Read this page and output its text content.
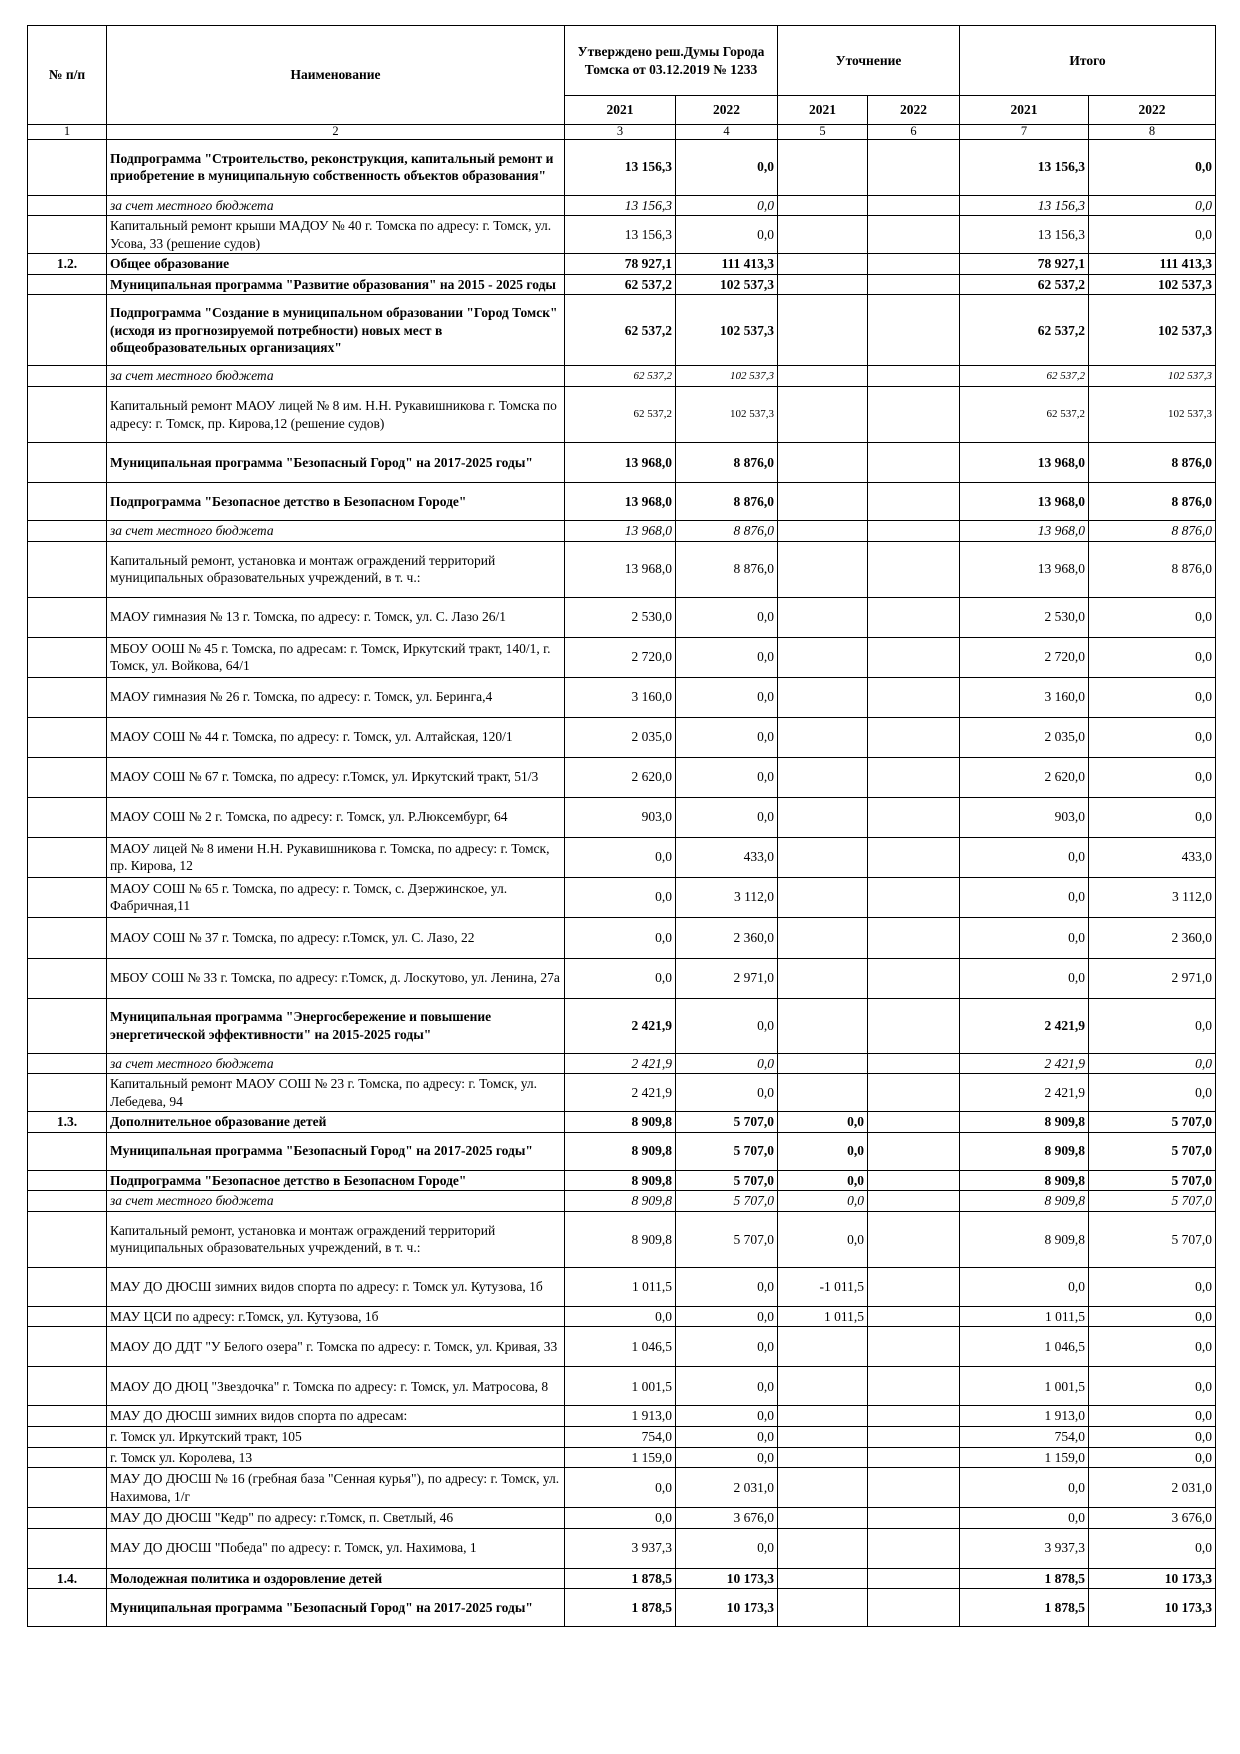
№ п/п	Наименование	Утверждено реш.Думы Города Томска от 03.12.2019 № 1233		Уточнение		Итого	
		2021	2022	2021	2022	2021	2022
1	2	3	4	5	6	7	8
	Подпрограмма "Строительство, реконструкция, капитальный ремонт и приобретение в муниципальную собственность объектов образования"	13 156,3	0,0			13 156,3	0,0
	за счет местного бюджета	13 156,3	0,0			13 156,3	0,0
	Капитальный ремонт крыши МАДОУ № 40 г. Томска по адресу: г. Томск, ул. Усова, 33 (решение судов)	13 156,3	0,0			13 156,3	0,0
1.2.	Общее образование	78 927,1	111 413,3			78 927,1	111 413,3
	Муниципальная программа "Развитие образования" на 2015 - 2025 годы	62 537,2	102 537,3			62 537,2	102 537,3
	Подпрограмма "Создание в муниципальном образовании "Город Томск" (исходя из прогнозируемой потребности) новых мест в общеобразовательных организациях"	62 537,2	102 537,3			62 537,2	102 537,3
	за счет местного бюджета	62 537,2	102 537,3			62 537,2	102 537,3
	Капитальный ремонт МАОУ лицей № 8 им. Н.Н. Рукавишникова г. Томска по адресу: г. Томск, пр. Кирова,12 (решение судов)	62 537,2	102 537,3			62 537,2	102 537,3
	Муниципальная программа "Безопасный Город" на 2017-2025 годы"	13 968,0	8 876,0			13 968,0	8 876,0
	Подпрограмма "Безопасное детство в Безопасном Городе"	13 968,0	8 876,0			13 968,0	8 876,0
	за счет местного бюджета	13 968,0	8 876,0			13 968,0	8 876,0
	Капитальный ремонт, установка и монтаж ограждений территорий муниципальных образовательных учреждений, в т. ч.:	13 968,0	8 876,0			13 968,0	8 876,0
	МАОУ гимназия № 13 г. Томска, по адресу: г. Томск, ул. С. Лазо 26/1	2 530,0	0,0			2 530,0	0,0
	МБОУ ООШ № 45 г. Томска, по адресам: г. Томск, Иркутский тракт, 140/1, г. Томск, ул. Войкова, 64/1	2 720,0	0,0			2 720,0	0,0
	МАОУ гимназия № 26 г. Томска, по адресу: г. Томск, ул. Беринга,4	3 160,0	0,0			3 160,0	0,0
	МАОУ СОШ № 44 г. Томска, по адресу: г. Томск, ул. Алтайская, 120/1	2 035,0	0,0			2 035,0	0,0
	МАОУ СОШ № 67 г. Томска, по адресу: г.Томск, ул. Иркутский тракт, 51/3	2 620,0	0,0			2 620,0	0,0
	МАОУ СОШ № 2 г. Томска, по адресу: г. Томск, ул. Р.Люксембург, 64	903,0	0,0			903,0	0,0
	МАОУ лицей № 8 имени Н.Н. Рукавишникова г. Томска, по адресу: г. Томск, пр. Кирова, 12	0,0	433,0			0,0	433,0
	МАОУ СОШ № 65 г. Томска, по адресу: г. Томск, с. Дзержинское, ул. Фабричная,11	0,0	3 112,0			0,0	3 112,0
	МАОУ СОШ № 37 г. Томска, по адресу: г.Томск, ул. С. Лазо, 22	0,0	2 360,0			0,0	2 360,0
	МБОУ СОШ № 33 г. Томска, по адресу: г.Томск, д. Лоскутово, ул. Ленина, 27а	0,0	2 971,0			0,0	2 971,0
	Муниципальная программа "Энергосбережение и повышение энергетической эффективности" на 2015-2025 годы"	2 421,9	0,0			2 421,9	0,0
	за счет местного бюджета	2 421,9	0,0			2 421,9	0,0
	Капитальный ремонт МАОУ СОШ № 23 г. Томска, по адресу: г. Томск, ул. Лебедева, 94	2 421,9	0,0			2 421,9	0,0
1.3.	Дополнительное образование детей	8 909,8	5 707,0	0,0		8 909,8	5 707,0
	Муниципальная программа "Безопасный Город" на 2017-2025 годы"	8 909,8	5 707,0	0,0		8 909,8	5 707,0
	Подпрограмма "Безопасное детство в Безопасном Городе"	8 909,8	5 707,0	0,0		8 909,8	5 707,0
	за счет местного бюджета	8 909,8	5 707,0	0,0		8 909,8	5 707,0
	Капитальный ремонт, установка и монтаж ограждений территорий муниципальных образовательных учреждений, в т. ч.:	8 909,8	5 707,0	0,0		8 909,8	5 707,0
	МАУ ДО ДЮСШ зимних видов спорта по адресу: г. Томск ул. Кутузова, 1б	1 011,5	0,0	-1 011,5		0,0	0,0
	МАУ ЦСИ по адресу: г.Томск, ул. Кутузова, 1б	0,0	0,0	1 011,5		1 011,5	0,0
	МАОУ ДО ДДТ "У Белого озера" г. Томска по адресу: г. Томск, ул. Кривая, 33	1 046,5	0,0			1 046,5	0,0
	МАОУ ДО ДЮЦ "Звездочка" г. Томска по адресу: г. Томск, ул. Матросова, 8	1 001,5	0,0			1 001,5	0,0
	МАУ ДО ДЮСШ зимних видов спорта по адресам:	1 913,0	0,0			1 913,0	0,0
	г. Томск ул. Иркутский тракт, 105	754,0	0,0			754,0	0,0
	г. Томск ул. Королева, 13	1 159,0	0,0			1 159,0	0,0
	МАУ ДО ДЮСШ № 16 (гребная база "Сенная курья"), по адресу: г. Томск, ул. Нахимова, 1/г	0,0	2 031,0			0,0	2 031,0
	МАУ ДО ДЮСШ "Кедр" по адресу: г.Томск, п. Светлый, 46	0,0	3 676,0			0,0	3 676,0
	МАУ ДО ДЮСШ "Победа" по адресу: г. Томск, ул. Нахимова, 1	3 937,3	0,0			3 937,3	0,0
1.4.	Молодежная политика и оздоровление детей	1 878,5	10 173,3			1 878,5	10 173,3
	Муниципальная программа "Безопасный Город" на 2017-2025 годы"	1 878,5	10 173,3			1 878,5	10 173,3
